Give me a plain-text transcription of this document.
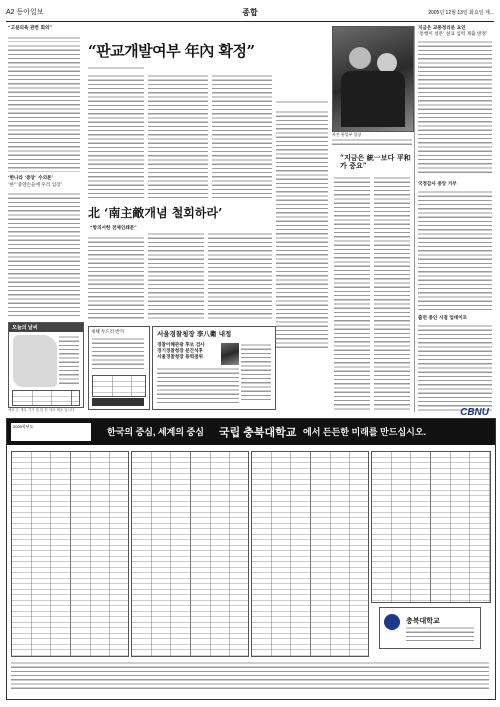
A2 동아일보	종합	2005년 12월 13일 화요일 제...
“고분의욕 관련 회의”
‘한나라 ‘중앙’ 수의론’
‘한”‘중앙손들에 우리 입장’
오늘의 날씨
애호 온 재무 기기 및 한 전 자료 제공 입니다
“판교개발여부 年內 확정”
사진 통일부 입장
“지금은 統一보다 平和가 중요”
北 ‘南主敵개념 철회하라’
“항의서한 전체인쇄문”
새해 두드러 반겨	서울경찰청장 李八衛 내정
경찰이해관광 후보 검사
경기경찰청장 분간석후
서울경찰청장 용력점위
지금은 교통정리분 요인
‘통행이 설문’ 살표 입력 제출 방정’
국정감사 중앙 거부
출연 중인 시점 업데이트
2005학년도
한국의 중심, 세계의 중심 국립 충북대학교 에서 든든한 미래를 만드십시오.
CBNU
충북대학교
